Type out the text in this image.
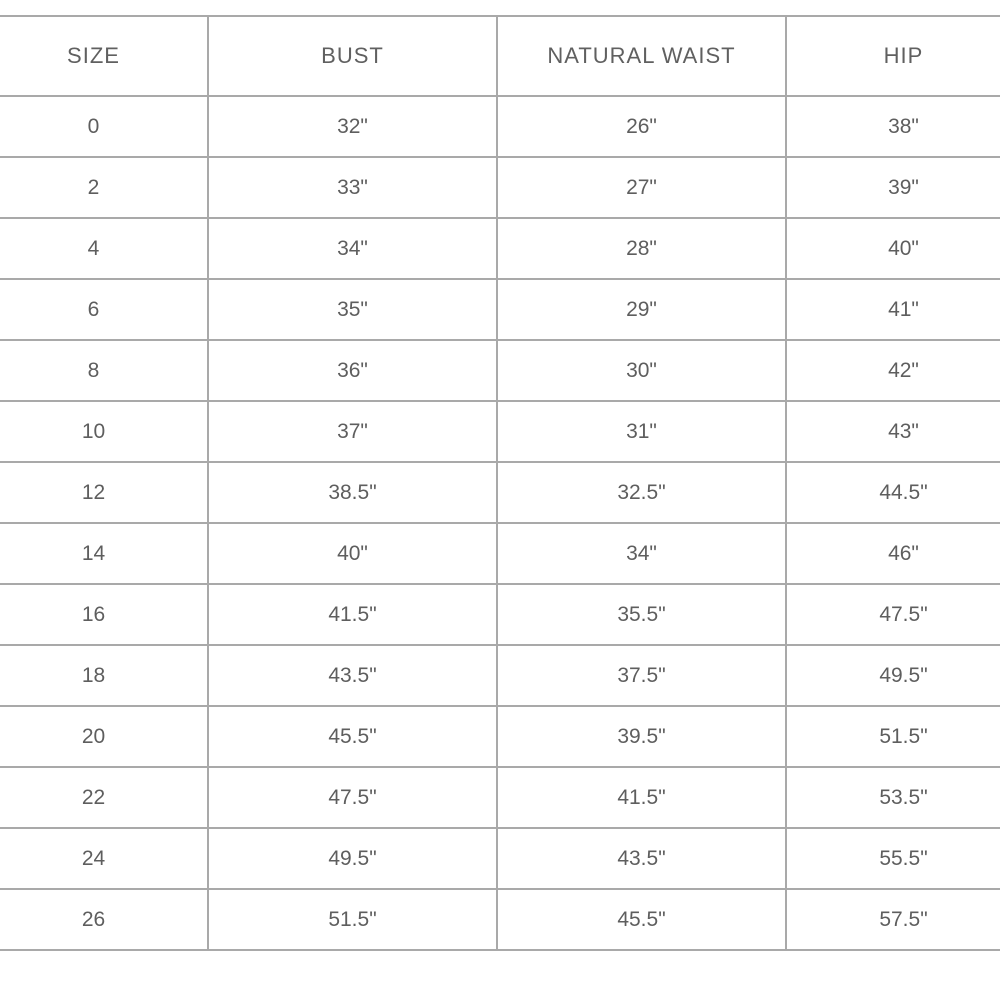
SIZE	BUST	NATURAL WAIST	HIP
0	32"	26"	38"
2	33"	27"	39"
4	34"	28"	40"
6	35"	29"	41"
8	36"	30"	42"
10	37"	31"	43"
12	38.5"	32.5"	44.5"
14	40"	34"	46"
16	41.5"	35.5"	47.5"
18	43.5"	37.5"	49.5"
20	45.5"	39.5"	51.5"
22	47.5"	41.5"	53.5"
24	49.5"	43.5"	55.5"
26	51.5"	45.5"	57.5"
